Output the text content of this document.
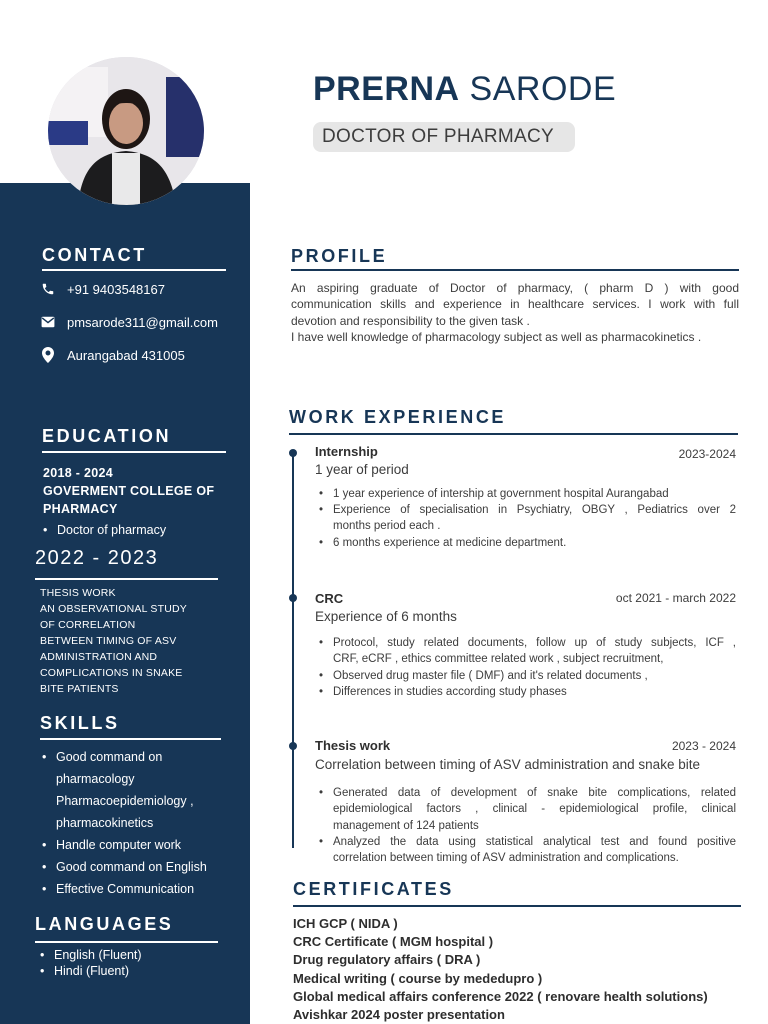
PRERNA SARODE
DOCTOR OF PHARMACY
CONTACT
+91 9403548167
pmsarode311@gmail.com
Aurangabad 431005
EDUCATION
2018 - 2024
GOVERMENT COLLEGE OF
PHARMACY
• Doctor of pharmacy
2022 - 2023
THESIS WORK
AN OBSERVATIONAL STUDY
OF CORRELATION
BETWEEN TIMING OF ASV
ADMINISTRATION AND
COMPLICATIONS IN SNAKE
BITE PATIENTS
SKILLS
• Good command on
pharmacology
Pharmacoepidemiology ,
pharmacokinetics
• Handle computer work
• Good command on English
• Effective Communication
LANGUAGES
• English (Fluent)
• Hindi (Fluent)
PROFILE
An aspiring graduate of Doctor of pharmacy, ( pharm D ) with good
communication skills and experience in healthcare services. I work with full
devotion and responsibility to the given task .
I have well knowledge of pharmacology subject as well as pharmacokinetics .
WORK EXPERIENCE
Internship	2023-2024
1 year of period
• 1 year experience of intership at government hospital Aurangabad
• Experience of specialisation in Psychiatry, OBGY , Pediatrics over 2
months period each .
• 6 months experience at medicine department.
CRC	oct 2021 - march 2022
Experience of 6 months
• Protocol, study related documents, follow up of study subjects, ICF ,
CRF, eCRF , ethics committee related work , subject recruitment,
• Observed drug master file ( DMF) and it's related documents ,
• Differences in studies according study phases
Thesis work	2023 - 2024
Correlation between timing of ASV administration and snake bite
• Generated data of development of snake bite complications, related
epidemiological factors , clinical - epidemiological profile, clinical
management of 124 patients
• Analyzed the data using statistical analytical test and found positive
correlation between timing of ASV administration and complications.
CERTIFICATES
ICH GCP ( NIDA )
CRC Certificate ( MGM hospital )
Drug regulatory affairs ( DRA )
Medical writing ( course by mededupro )
Global medical affairs conference 2022 ( renovare health solutions)
Avishkar 2024 poster presentation
